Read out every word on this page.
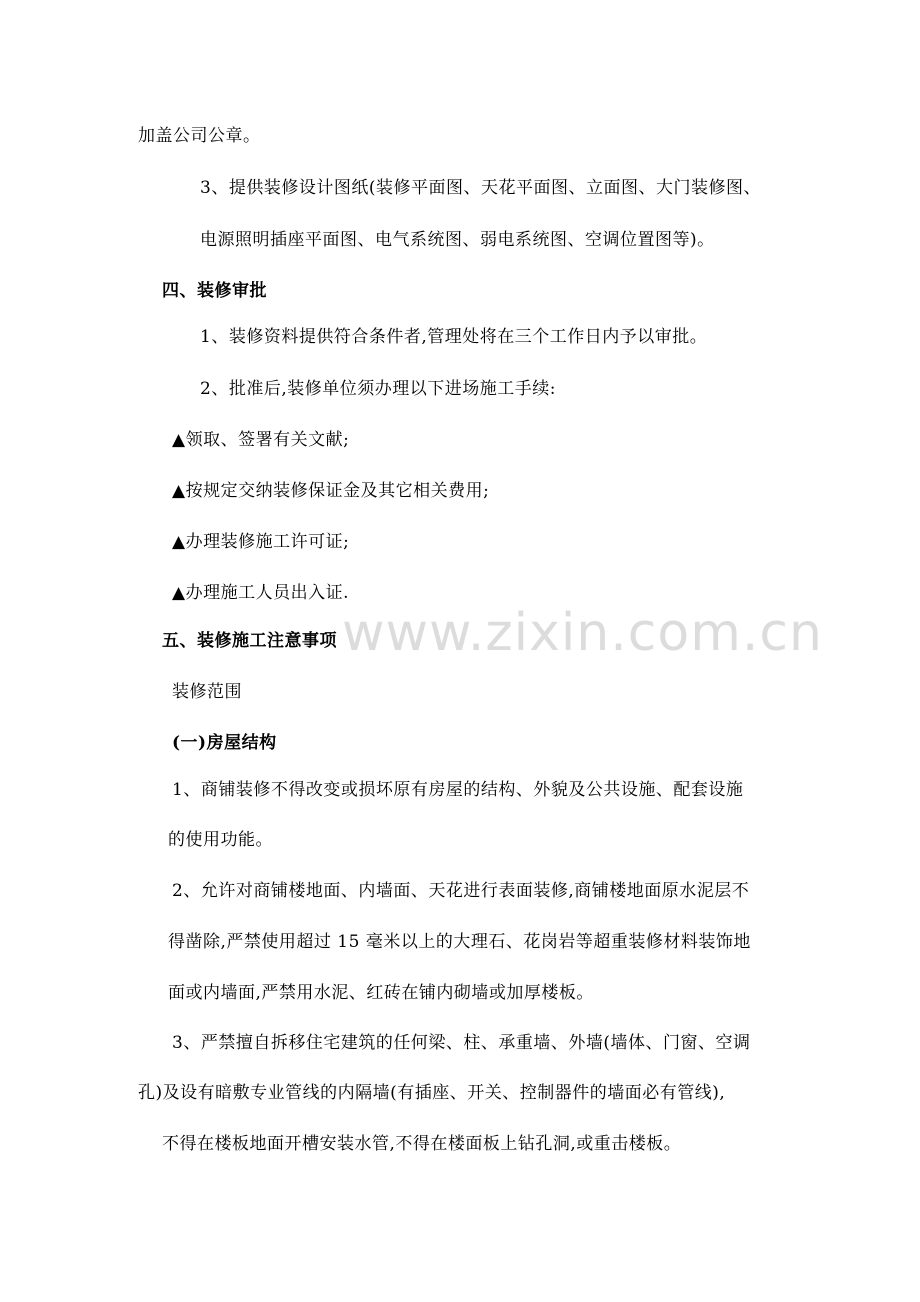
www.zixin.com.cn
加盖公司公章。
3、提供装修设计图纸(装修平面图、天花平面图、立面图、大门装修图、
电源照明插座平面图、电气系统图、弱电系统图、空调位置图等)。
四、装修审批
1、装修资料提供符合条件者,管理处将在三个工作日内予以审批。
2、批准后,装修单位须办理以下进场施工手续:
▲领取、签署有关文献;
▲按规定交纳装修保证金及其它相关费用;
▲办理装修施工许可证;
▲办理施工人员出入证.
五、装修施工注意事项
装修范围
(一)房屋结构
1、商铺装修不得改变或损坏原有房屋的结构、外貌及公共设施、配套设施
的使用功能。
2、允许对商铺楼地面、内墙面、天花进行表面装修,商铺楼地面原水泥层不
得凿除,严禁使用超过 15 毫米以上的大理石、花岗岩等超重装修材料装饰地
面或内墙面,严禁用水泥、红砖在铺内砌墙或加厚楼板。
3、严禁擅自拆移住宅建筑的任何梁、柱、承重墙、外墙(墙体、门窗、空调
孔)及设有暗敷专业管线的内隔墙(有插座、开关、控制器件的墙面必有管线),
不得在楼板地面开槽安装水管,不得在楼面板上钻孔洞,或重击楼板。
